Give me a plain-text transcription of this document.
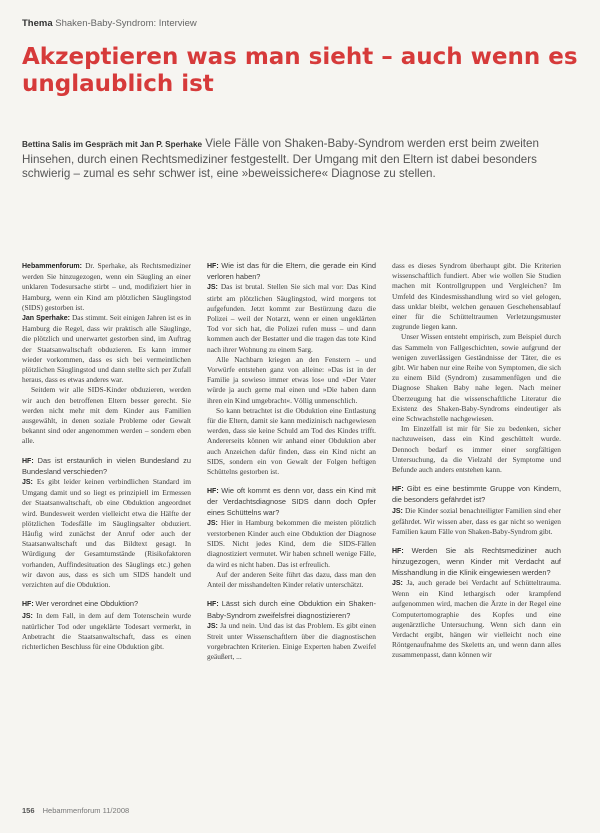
Thema Shaken-Baby-Syndrom: Interview
Akzeptieren was man sieht – auch wenn es unglaublich ist
Bettina Salis im Gespräch mit Jan P. Sperhake Viele Fälle von Shaken-Baby-Syndrom werden erst beim zweiten Hinsehen, durch einen Rechtsmediziner festgestellt. Der Umgang mit den Eltern ist dabei besonders schwierig – zumal es sehr schwer ist, eine »beweissichere« Diagnose zu stellen.

Hebammenforum: Dr. Sperhake, als Rechtsmediziner werden Sie hinzugezogen, wenn ein Säugling an einer unklaren Todesursache stirbt – und, modifiziert hier in Hamburg, wenn ein Kind am plötzlichen Säuglingstod (SIDS) gestorben ist.

Jan Sperhake: Das stimmt. Seit einigen Jahren ist es in Hamburg die Regel, dass wir praktisch alle Säuglinge, die plötzlich und unerwartet gestorben sind, im Auftrag der Staatsanwaltschaft obduzieren. Es kann immer wieder vorkommen, dass es sich bei vermeintlichen plötzlichen Säuglingstod und dann stellte sich per Zufall heraus, dass es etwas anderes war.

Seitdem wir alle SIDS-Kinder obduzieren, werden wir auch den betroffenen Eltern besser gerecht. Sie werden nicht mehr mit dem Kinder aus Familien ausgewählt, in denen soziale Probleme oder Gewalt bekannt sind oder angenommen werden – sondern eben alle.

HF: Das ist erstaunlich in vielen Bundesland zu Bundesland verschieden?

JS: Es gibt leider keinen verbindlichen Standard im Umgang damit und so liegt es prinzipiell im Ermessen der Staatsanwaltschaft, ob eine Obduktion angeordnet wird. Bundesweit werden vielleicht etwa die Hälfte der plötzlichen Todesfälle im Säuglingsalter obduziert. Häufig wird zunächst der Anruf oder auch der Staatsanwaltschaft und das Bildtext gesagt. In Würdigung der Gesamtumstände (Risikofaktoren vorhanden, Auffindesituation des Säuglings etc.) gehen wir davon aus, dass es sich um SIDS handelt und verzichten auf die Obduktion.

HF: Wer verordnet eine Obduktion?

JS: In dem Fall, in dem auf dem Totenschein wurde natürlicher Tod oder ungeklärte Todesart vermerkt, in Anbetracht die Staatsanwaltschaft, dass es einen richterlichen Beschluss für eine Obduktion gibt.

HF: Wie ist das für die Eltern, die gerade ein Kind verloren haben?

JS: Das ist brutal. Stellen Sie sich mal vor: Das Kind stirbt am plötzlichen Säuglingstod, wird morgens tot aufgefunden. Jetzt kommt zur Bestürzung dazu die Polizei – weil der Notarzt, wenn er einen ungeklärten Tod vor sich hat, die Polizei rufen muss – und dann kommen auch der Bestatter und die tragen das tote Kind nach ihrer Wohnung zu einem Sarg.

Alle Nachbarn kriegen an den Fenstern – und Vorwürfe entstehen ganz von alleine: »Das ist in der Familie ja sowieso immer etwas los« und »Der Vater würde ja auch gerne mal einen und »Die haben dann ihren ein Kind umgebracht«. Völlig unmenschlich.

So kann betrachtet ist die Obduktion eine Entlastung für die Eltern, damit sie kann medizinisch nachgewiesen werden, dass sie keine Schuld am Tod des Kindes trifft. Andererseits können wir anhand einer Obduktion aber auch Anzeichen dafür finden, dass ein Kind nicht an SIDS, sondern ein von Gewalt der Folgen heftigen Schüttelns gestorben ist.

HF: Wie oft kommt es denn vor, dass ein Kind mit der Verdachtsdiagnose SIDS dann doch Opfer eines Schüttelns war?

JS: Hier in Hamburg bekommen die meisten plötzlich verstorbenen Kinder auch eine Obduktion der Diagnose SIDS. Nicht jedes Kind, dem die SIDS-Fällen diagnostiziert vermutet. Wir haben schnell wenige Fälle, da wird es nicht haben. Das ist erfreulich.

Auf der anderen Seite führt das dazu, dass man den Anteil der misshandelten Kinder relativ unterschätzt.

HF: Lässt sich durch eine Obduktion ein Shaken-Baby-Syndrom zweifelsfrei diagnostizieren?

JS: Ja und nein. Und das ist das Problem. Es gibt einen Streit unter Wissenschaftlern über die diagnostischen vorgebrachten Kriterien. Einige Experten haben Zweifel geäußert, ...

dass es dieses Syndrom überhaupt gibt. Die Kriterien wissenschaftlich fundiert. Aber wie wollen Sie Studien machen mit Kontrollgruppen und Vergleichen? Im Umfeld des Kindesmisshandlung wird so viel gelogen, dass unklar bleibt, welchen genauen Geschehensablauf einer für die Schütteltraumen Verletzungsmuster zugrunde liegen kann.

Unser Wissen entsteht empirisch, zum Beispiel durch das Sammeln von Fallgeschichten, sowie aufgrund der wenigen zuverlässigen Geständnisse der Täter, die es gibt. Wir haben nur eine Reihe von Symptomen, die sich zu einem Bild (Syndrom) zusammenfügen und die Diagnose Shaken Baby nahe legen. Nach meiner Überzeugung hat die wissenschaftliche Literatur die Existenz des Shaken-Baby-Syndroms eindeutiger als eine Schwachstelle nachgewiesen.

Im Einzelfall ist mir für Sie zu bedenken, sicher nachzuweisen, dass ein Kind geschüttelt wurde. Dennoch bedarf es immer einer sorgfältigen Untersuchung, da die Vielzahl der Symptome und Befunde auch anders entstehen kann.

HF: Gibt es eine bestimmte Gruppe von Kindern, die besonders gefährdet ist?

JS: Die Kinder sozial benachteiligter Familien sind eher gefährdet. Wir wissen aber, dass es gar nicht so wenigen Familien kaum Fälle von Shaken-Baby-Syndrom gibt.

HF: Werden Sie als Rechtsmediziner auch hinzugezogen, wenn Kinder mit Verdacht auf Misshandlung in die Klinik eingewiesen werden?

JS: Ja, auch gerade bei Verdacht auf Schütteltrauma. Wenn ein Kind lethargisch oder krampfend aufgenommen wird, machen die Ärzte in der Regel eine Computertomographie des Kopfes und eine augenärztliche Untersuchung. Wenn sich dann ein Verdacht ergibt, hängen wir vielleicht noch eine Röntgenaufnahme des Skeletts an, und wenn dann alles zusammenpasst, dann können wir

156 Hebammenforum 11/2008
